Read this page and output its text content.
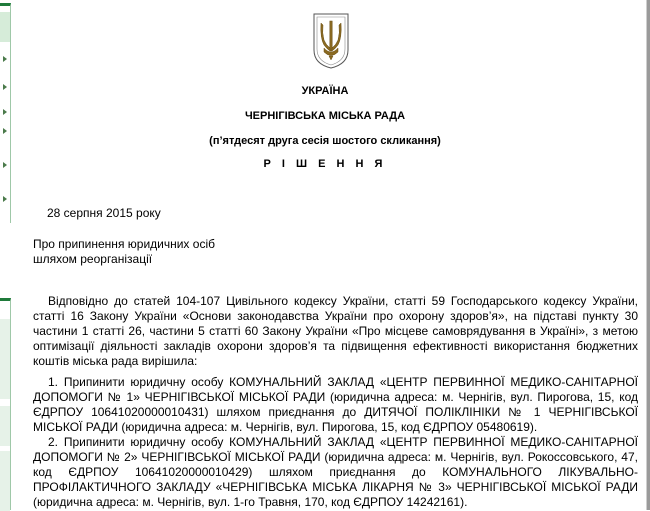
УКРАЇНА
ЧЕРНІГІВСЬКА МІСЬКА РАДА
(п’ятдесят друга сесія шостого скликання)
Р І Ш Е Н Н Я
28 серпня 2015 року
Про припинення юридичних осіб
шляхом реорганізації

Відповідно до статей 104-107 Цивільного кодексу України, статті 59 Господарського кодексу України, статті 16 Закону України «Основи законодавства України про охорону здоров’я», на підставі пункту 30 частини 1 статті 26, частини 5 статті 60 Закону України «Про місцеве самоврядування в Україні», з метою оптимізації діяльності закладів охорони здоров’я та підвищення ефективності використання бюджетних коштів міська рада вирішила:

1. Припинити юридичну особу КОМУНАЛЬНИЙ ЗАКЛАД «ЦЕНТР ПЕРВИННОЇ МЕДИКО-САНІТАРНОЇ ДОПОМОГИ № 1» ЧЕРНІГІВСЬКОЇ МІСЬКОЇ РАДИ (юридична адреса: м. Чернігів, вул. Пирогова, 15, код ЄДРПОУ 10641020000010431) шляхом приєднання до ДИТЯЧОЇ ПОЛІКЛІНІКИ № 1 ЧЕРНІГІВСЬКОЇ МІСЬКОЇ РАДИ (юридична адреса: м. Чернігів, вул. Пирогова, 15, код ЄДРПОУ 05480619).

2. Припинити юридичну особу КОМУНАЛЬНИЙ ЗАКЛАД «ЦЕНТР ПЕРВИННОЇ МЕДИКО-САНІТАРНОЇ ДОПОМОГИ № 2» ЧЕРНІГІВСЬКОЇ МІСЬКОЇ РАДИ (юридична адреса: м. Чернігів, вул. Рокоссовського, 47, код ЄДРПОУ 10641020000010429) шляхом приєднання до КОМУНАЛЬНОГО ЛІКУВАЛЬНО-ПРОФІЛАКТИЧНОГО ЗАКЛАДУ «ЧЕРНІГІВСЬКА МІСЬКА ЛІКАРНЯ № 3» ЧЕРНІГІВСЬКОЇ МІСЬКОЇ РАДИ (юридична адреса: м. Чернігів, вул. 1-го Травня, 170, код ЄДРПОУ 14242161).
